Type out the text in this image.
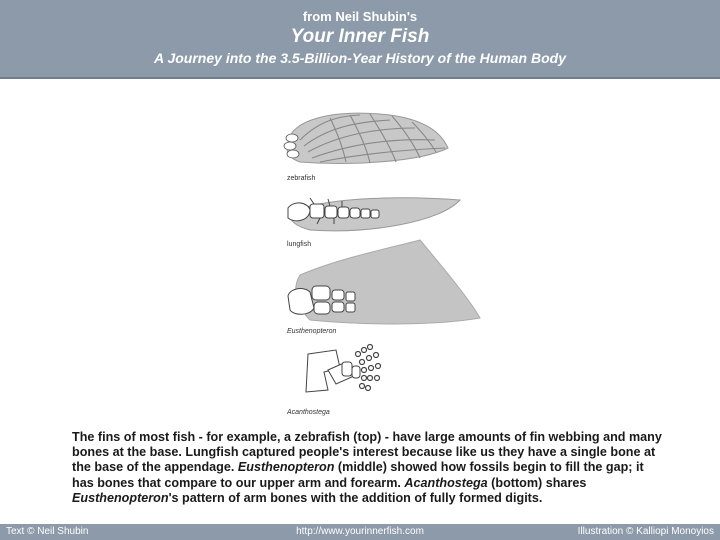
from Neil Shubin's
Your Inner Fish
A Journey into the 3.5-Billion-Year History of the Human Body
zebrafish
lungfish
Eusthenopteron
Acanthostega
The fins of most fish - for example, a zebrafish (top) - have large amounts of fin webbing and many bones at the base. Lungfish captured people's interest because like us they have a single bone at the base of the appendage. Eusthenopteron (middle) showed how fossils begin to fill the gap; it has bones that compare to our upper arm and forearm. Acanthostega (bottom) shares Eusthenopteron's pattern of arm bones with the addition of fully formed digits.
Text © Neil Shubin	http://www.yourinnerfish.com	Illustration © Kalliopi Monoyios
